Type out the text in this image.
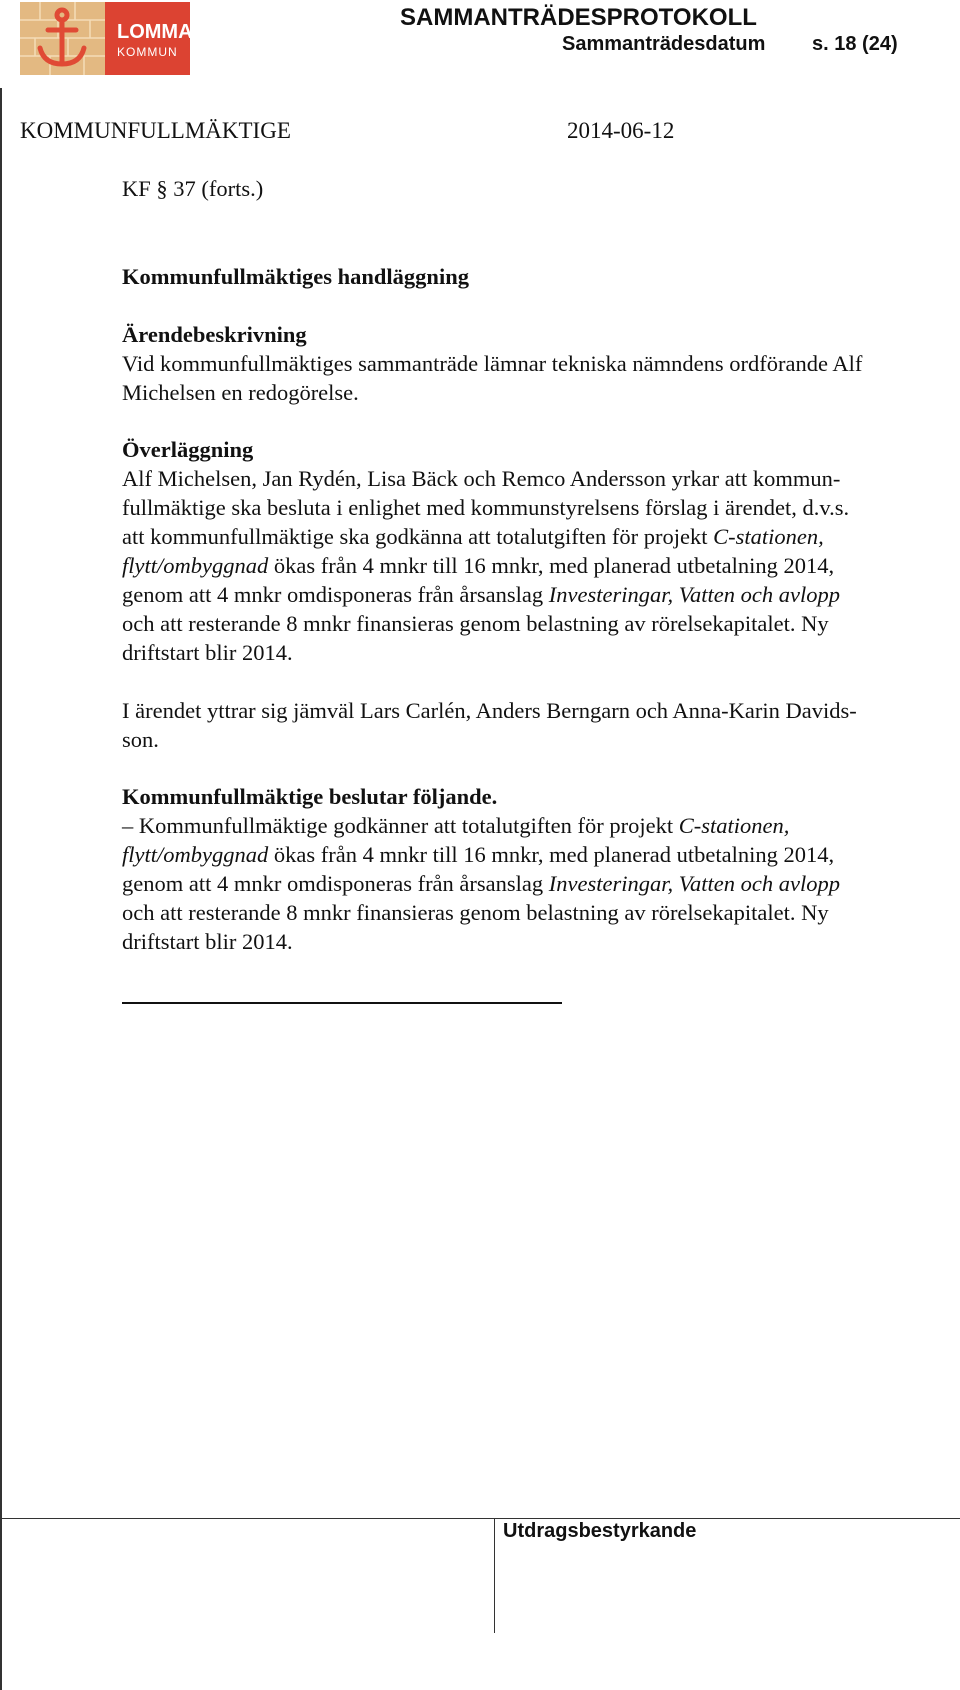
LOMMA
KOMMUN
SAMMANTRÄDESPROTOKOLL
Sammanträdesdatum s. 18 (24)
KOMMUNFULLMÄKTIGE	2014-06-12

KF § 37 (forts.)

Kommunfullmäktiges handläggning

Ärendebeskrivning

Vid kommunfullmäktiges sammanträde lämnar tekniska nämndens ordförande Alf Michelsen en redogörelse.

Överläggning

Alf Michelsen, Jan Rydén, Lisa Bäck och Remco Andersson yrkar att kommun-
fullmäktige ska besluta i enlighet med kommunstyrelsens förslag i ärendet, d.v.s.
att kommunfullmäktige ska godkänna att totalutgiften för projekt C-stationen,
flytt/ombyggnad ökas från 4 mnkr till 16 mnkr, med planerad utbetalning 2014,
genom att 4 mnkr omdisponeras från årsanslag Investeringar, Vatten och avlopp
och att resterande 8 mnkr finansieras genom belastning av rörelsekapitalet. Ny
driftstart blir 2014.
I ärendet yttrar sig jämväl Lars Carlén, Anders Berngarn och Anna-Karin Davids-
son.

Kommunfullmäktige beslutar följande.

– Kommunfullmäktige godkänner att totalutgiften för projekt C-stationen,
flytt/ombyggnad ökas från 4 mnkr till 16 mnkr, med planerad utbetalning 2014,
genom att 4 mnkr omdisponeras från årsanslag Investeringar, Vatten och avlopp
och att resterande 8 mnkr finansieras genom belastning av rörelsekapitalet. Ny
driftstart blir 2014.
Utdragsbestyrkande
